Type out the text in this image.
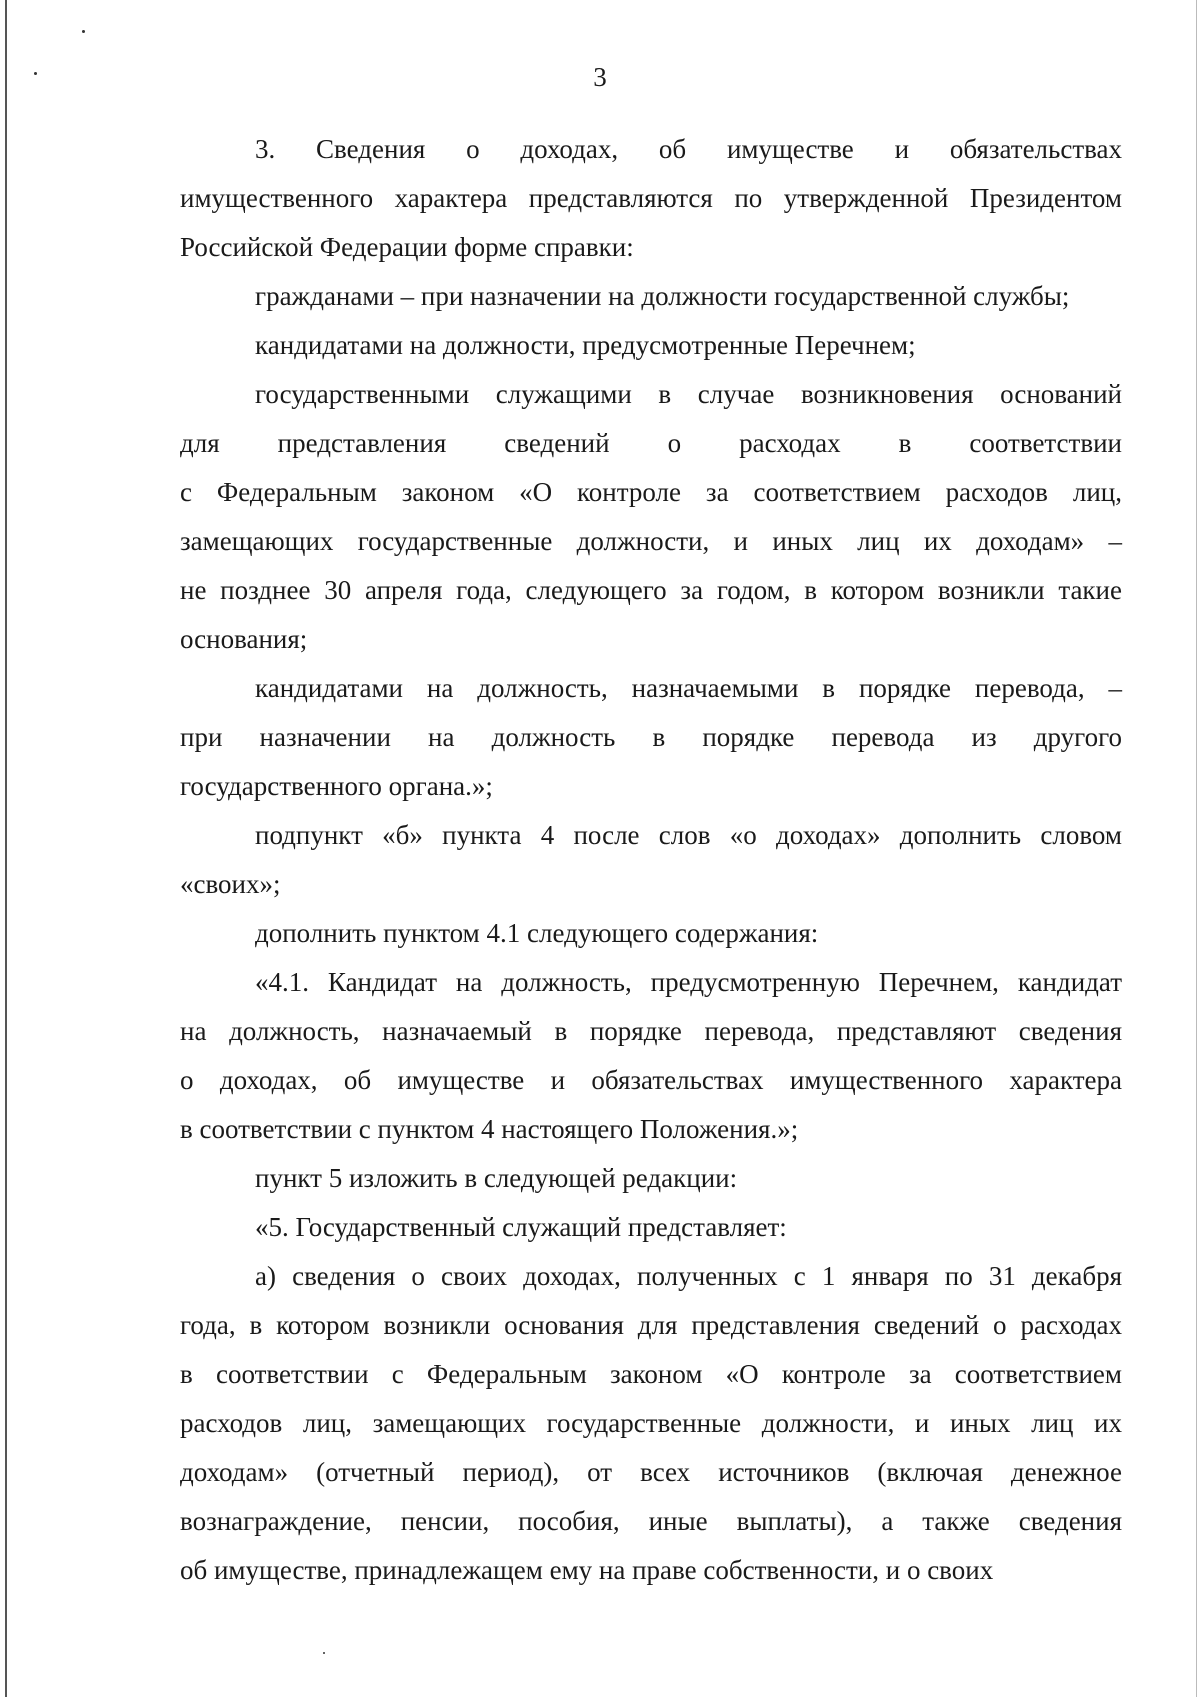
3
3. Сведения о доходах, об имуществе и обязательствах
имущественного характера представляются по утвержденной Президентом
Российской Федерации форме справки:
гражданами – при назначении на должности государственной службы;
кандидатами на должности, предусмотренные Перечнем;
государственными служащими в случае возникновения оснований
для представления сведений о расходах в соответствии
с Федеральным законом «О контроле за соответствием расходов лиц,
замещающих государственные должности, и иных лиц их доходам» –
не позднее 30 апреля года, следующего за годом, в котором возникли такие
основания;
кандидатами на должность, назначаемыми в порядке перевода, –
при назначении на должность в порядке перевода из другого
государственного органа.»;
подпункт «б» пункта 4 после слов «о доходах» дополнить словом
«своих»;
дополнить пунктом 4.1 следующего содержания:
«4.1. Кандидат на должность, предусмотренную Перечнем, кандидат
на должность, назначаемый в порядке перевода, представляют сведения
о доходах, об имуществе и обязательствах имущественного характера
в соответствии с пунктом 4 настоящего Положения.»;
пункт 5 изложить в следующей редакции:
«5. Государственный служащий представляет:
а) сведения о своих доходах, полученных с 1 января по 31 декабря
года, в котором возникли основания для представления сведений о расходах
в соответствии с Федеральным законом «О контроле за соответствием
расходов лиц, замещающих государственные должности, и иных лиц их
доходам» (отчетный период), от всех источников (включая денежное
вознаграждение, пенсии, пособия, иные выплаты), а также сведения
об имуществе, принадлежащем ему на праве собственности, и о своих
